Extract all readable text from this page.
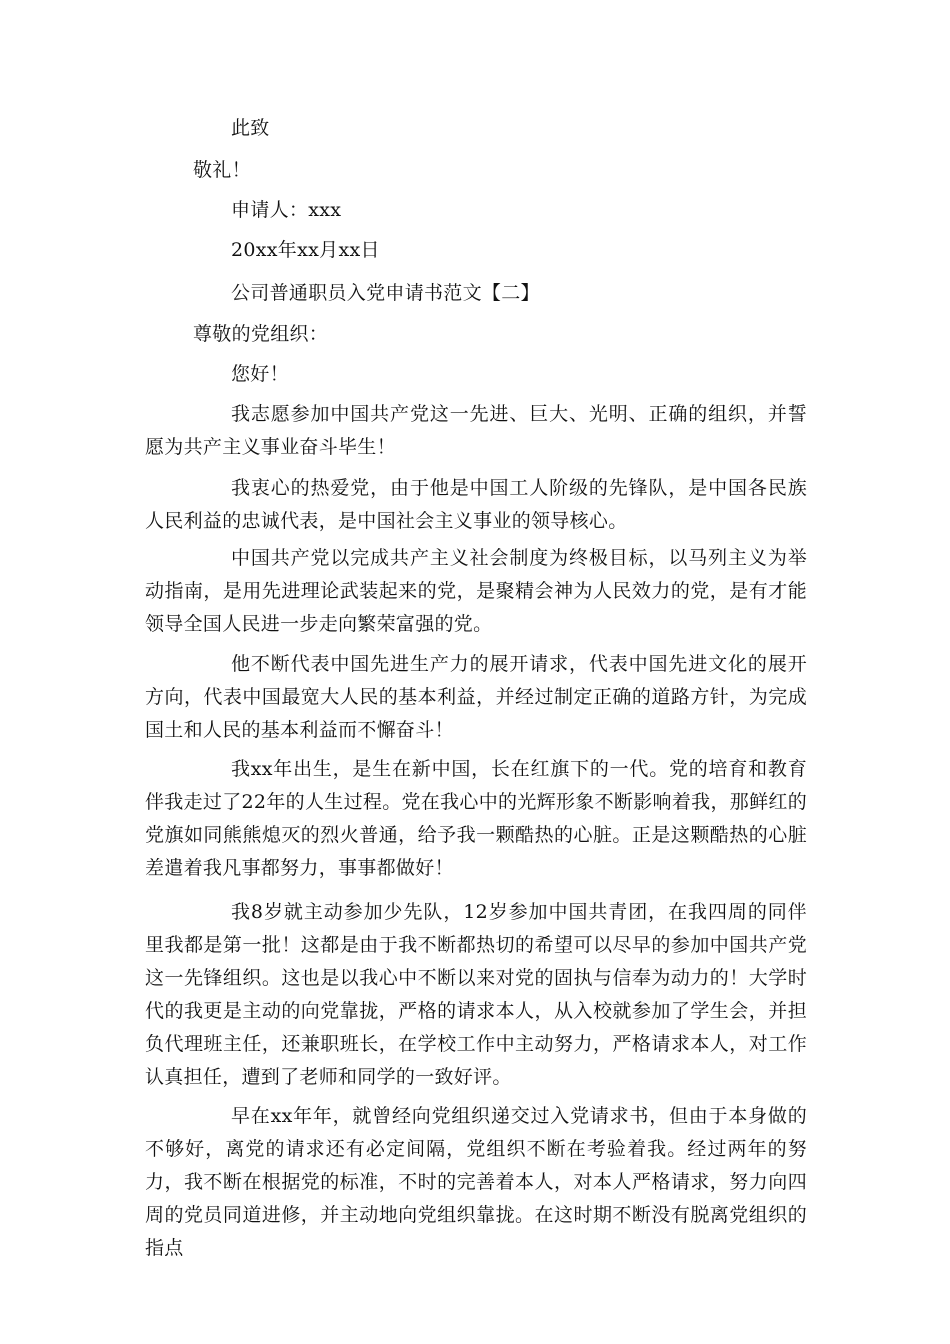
此致
敬礼！
申请人：xxx
20xx年xx月xx日
公司普通职员入党申请书范文【二】
尊敬的党组织：
您好！

我志愿参加中国共产党这一先进、巨大、光明、正确的组织，并誓愿为共产主义事业奋斗毕生！

我衷心的热爱党，由于他是中国工人阶级的先锋队，是中国各民族人民利益的忠诚代表，是中国社会主义事业的领导核心。

中国共产党以完成共产主义社会制度为终极目标，以马列主义为举动指南，是用先进理论武装起来的党，是聚精会神为人民效力的党，是有才能领导全国人民进一步走向繁荣富强的党。

他不断代表中国先进生产力的展开请求，代表中国先进文化的展开方向，代表中国最宽大人民的基本利益，并经过制定正确的道路方针，为完成国土和人民的基本利益而不懈奋斗！

我xx年出生，是生在新中国，长在红旗下的一代。党的培育和教育伴我走过了22年的人生过程。党在我心中的光辉形象不断影响着我，那鲜红的党旗如同熊熊熄灭的烈火普通，给予我一颗酷热的心脏。正是这颗酷热的心脏差遣着我凡事都努力，事事都做好！

我8岁就主动参加少先队，12岁参加中国共青团，在我四周的同伴里我都是第一批！这都是由于我不断都热切的希望可以尽早的参加中国共产党这一先锋组织。这也是以我心中不断以来对党的固执与信奉为动力的！大学时代的我更是主动的向党靠拢，严格的请求本人，从入校就参加了学生会，并担负代理班主任，还兼职班长，在学校工作中主动努力，严格请求本人，对工作认真担任，遭到了老师和同学的一致好评。

早在xx年年，就曾经向党组织递交过入党请求书，但由于本身做的不够好，离党的请求还有必定间隔，党组织不断在考验着我。经过两年的努力，我不断在根据党的标准，不时的完善着本人，对本人严格请求，努力向四周的党员同道进修，并主动地向党组织靠拢。在这时期不断没有脱离党组织的指点
